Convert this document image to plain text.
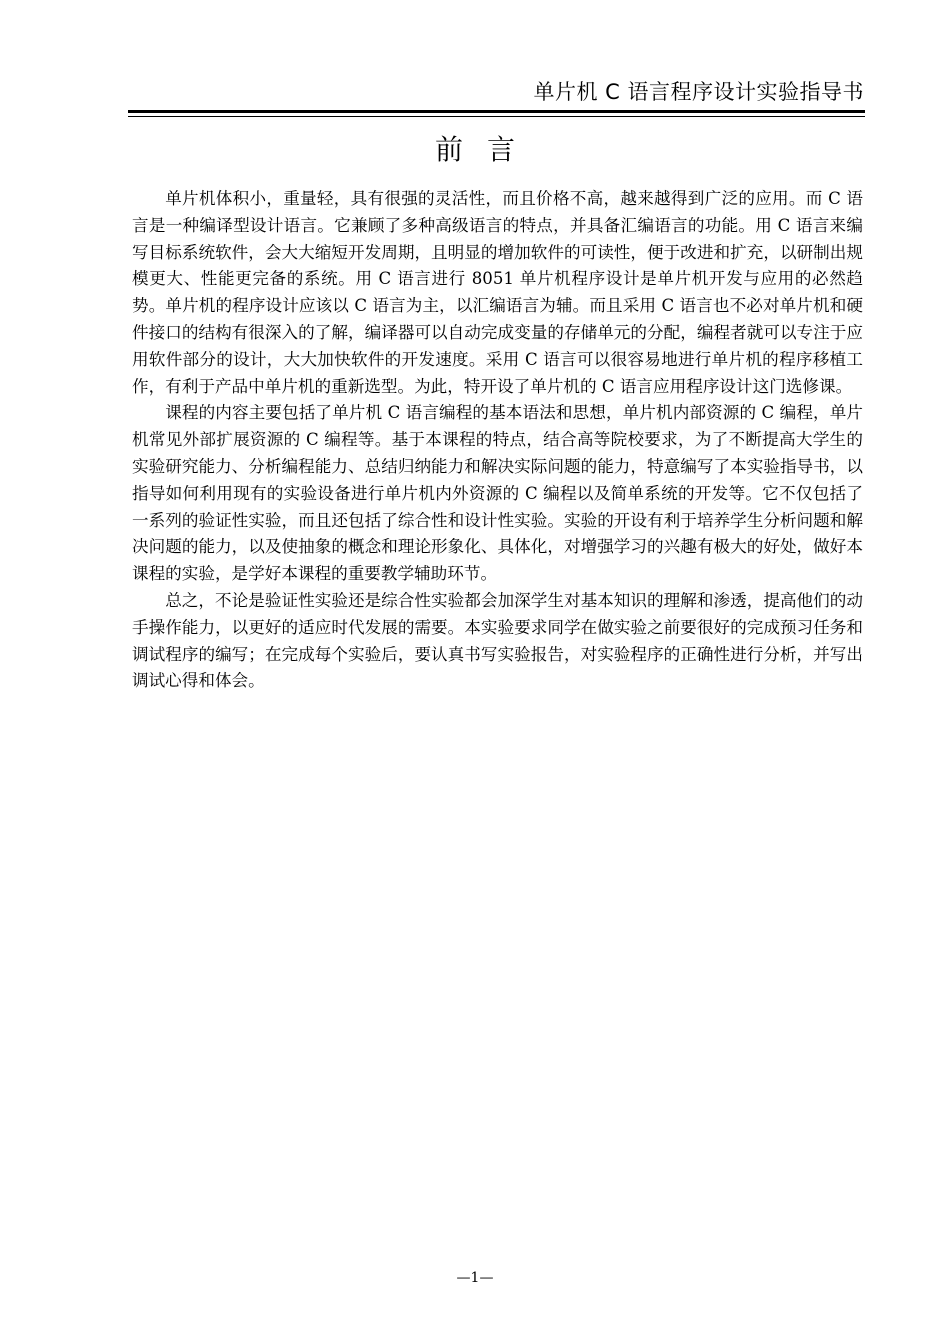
单片机 C 语言程序设计实验指导书
前言

单片机体积小，重量轻，具有很强的灵活性，而且价格不高，越来越得到广泛的应用。而 C 语言是一种编译型设计语言。它兼顾了多种高级语言的特点，并具备汇编语言的功能。用 C 语言来编写目标系统软件，会大大缩短开发周期，且明显的增加软件的可读性，便于改进和扩充，以研制出规模更大、性能更完备的系统。用 C 语言进行 8051 单片机程序设计是单片机开发与应用的必然趋势。单片机的程序设计应该以 C 语言为主，以汇编语言为辅。而且采用 C 语言也不必对单片机和硬件接口的结构有很深入的了解，编译器可以自动完成变量的存储单元的分配，编程者就可以专注于应用软件部分的设计，大大加快软件的开发速度。采用 C 语言可以很容易地进行单片机的程序移植工作，有利于产品中单片机的重新选型。为此，特开设了单片机的 C 语言应用程序设计这门选修课。

课程的内容主要包括了单片机 C 语言编程的基本语法和思想，单片机内部资源的 C 编程，单片机常见外部扩展资源的 C 编程等。基于本课程的特点，结合高等院校要求，为了不断提高大学生的实验研究能力、分析编程能力、总结归纳能力和解决实际问题的能力，特意编写了本实验指导书，以指导如何利用现有的实验设备进行单片机内外资源的 C 编程以及简单系统的开发等。它不仅包括了一系列的验证性实验，而且还包括了综合性和设计性实验。实验的开设有利于培养学生分析问题和解决问题的能力，以及使抽象的概念和理论形象化、具体化，对增强学习的兴趣有极大的好处，做好本课程的实验，是学好本课程的重要教学辅助环节。

总之，不论是验证性实验还是综合性实验都会加深学生对基本知识的理解和渗透，提高他们的动手操作能力，以更好的适应时代发展的需要。本实验要求同学在做实验之前要很好的完成预习任务和调试程序的编写；在完成每个实验后，要认真书写实验报告，对实验程序的正确性进行分析，并写出调试心得和体会。

—1—
